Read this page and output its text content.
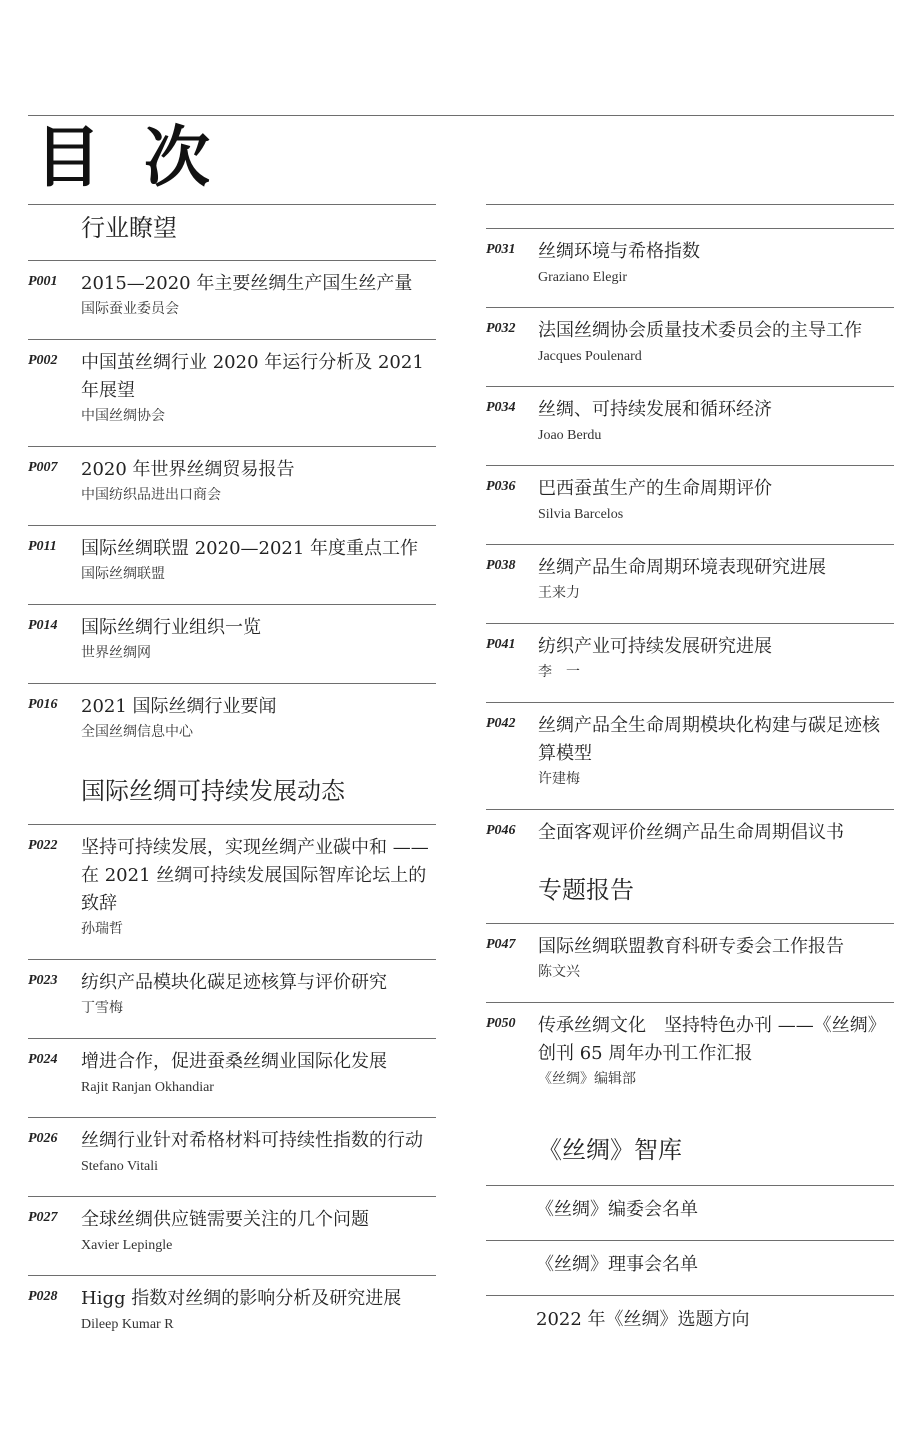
目 次
行业瞭望
P001 2015—2020 年主要丝绸生产国生丝产量
国际蚕业委员会
P002 中国茧丝绸行业 2020 年运行分析及 2021 年展望
中国丝绸协会
P007 2020 年世界丝绸贸易报告
中国纺织品进出口商会
P011 国际丝绸联盟 2020—2021 年度重点工作
国际丝绸联盟
P014 国际丝绸行业组织一览
世界丝绸网
P016 2021 国际丝绸行业要闻
全国丝绸信息中心
国际丝绸可持续发展动态
P022 坚持可持续发展，实现丝绸产业碳中和 ——在 2021 丝绸可持续发展国际智库论坛上的致辞
孙瑞哲
P023 纺织产品模块化碳足迹核算与评价研究
丁雪梅
P024 增进合作，促进蚕桑丝绸业国际化发展
Rajit Ranjan Okhandiar
P026 丝绸行业针对希格材料可持续性指数的行动
Stefano Vitali
P027 全球丝绸供应链需要关注的几个问题
Xavier Lepingle
P028 Higg 指数对丝绸的影响分析及研究进展
Dileep Kumar R
P031 丝绸环境与希格指数
Graziano Elegir
P032 法国丝绸协会质量技术委员会的主导工作
Jacques Poulenard
P034 丝绸、可持续发展和循环经济
Joao Berdu
P036 巴西蚕茧生产的生命周期评价
Silvia Barcelos
P038 丝绸产品生命周期环境表现研究进展
王来力
P041 纺织产业可持续发展研究进展
李　一
P042 丝绸产品全生命周期模块化构建与碳足迹核算模型
许建梅
P046 全面客观评价丝绸产品生命周期倡议书
专题报告
P047 国际丝绸联盟教育科研专委会工作报告
陈文兴
P050 传承丝绸文化　坚持特色办刊 ——《丝绸》创刊 65 周年办刊工作汇报
《丝绸》编辑部
《丝绸》智库
《丝绸》编委会名单
《丝绸》理事会名单
2022 年《丝绸》选题方向
